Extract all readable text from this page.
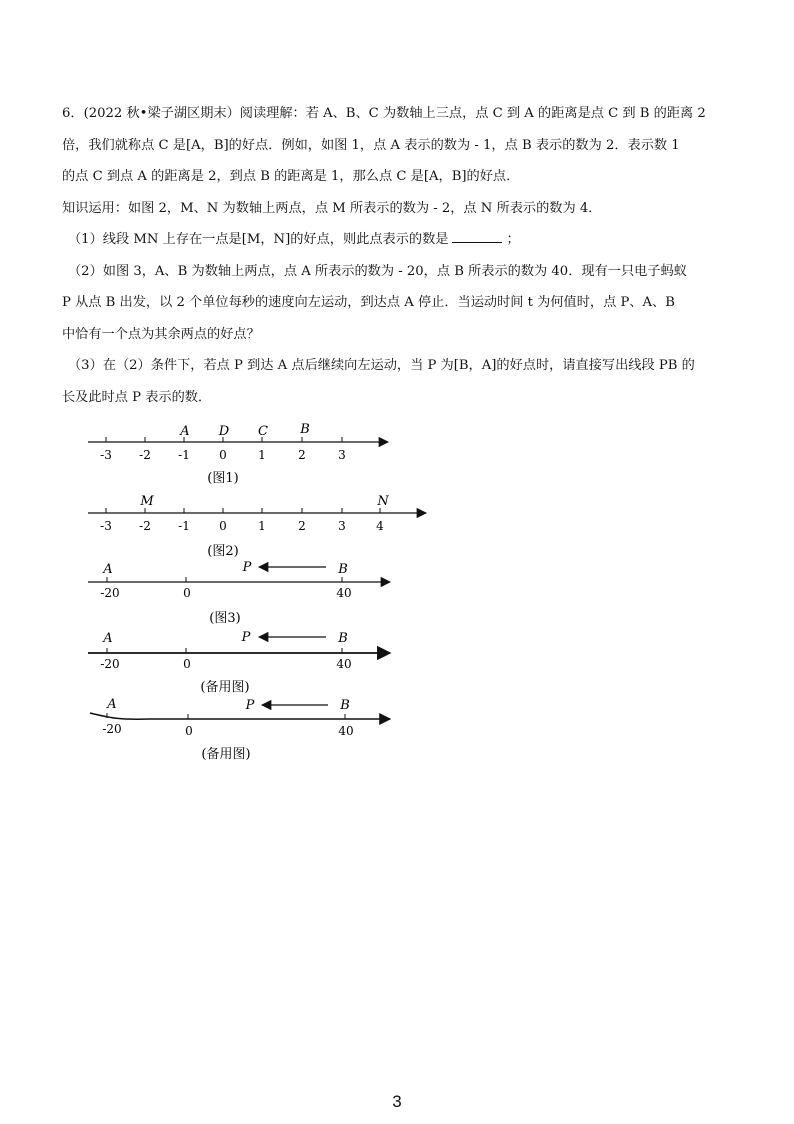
6．(2022 秋•梁子湖区期末）阅读理解：若 A、B、C 为数轴上三点，点 C 到 A 的距离是点 C 到 B 的距离 2

倍，我们就称点 C 是[A，B]的好点．例如，如图 1，点 A 表示的数为 - 1，点 B 表示的数为 2．表示数 1

的点 C 到点 A 的距离是 2，到点 B 的距离是 1，那么点 C 是[A，B]的好点．

知识运用：如图 2，M、N 为数轴上两点，点 M 所表示的数为 - 2，点 N 所表示的数为 4．

（1）线段 MN 上存在一点是[M，N]的好点，则此点表示的数是	；

（2）如图 3，A、B 为数轴上两点，点 A 所表示的数为 - 20，点 B 所表示的数为 40．现有一只电子蚂蚁

P 从点 B 出发，以 2 个单位每秒的速度向左运动，到达点 A 停止．当运动时间 t 为何值时，点 P、A、B

中恰有一个点为其余两点的好点？

（3）在（2）条件下，若点 P 到达 A 点后继续向左运动，当 P 为[B，A]的好点时，请直接写出线段 PB 的

长及此时点 P 表示的数．

-3 -2 -1 0	1	2	3
A D C B
(图1)
-3 -2 -1 0	1	2	3	4
M	N
(图2)
-20	0	40
A	P	B
(图3)
-20	0	40
A	P	B
(备用图)
-20	0	40
A	P	B
(备用图)
3
